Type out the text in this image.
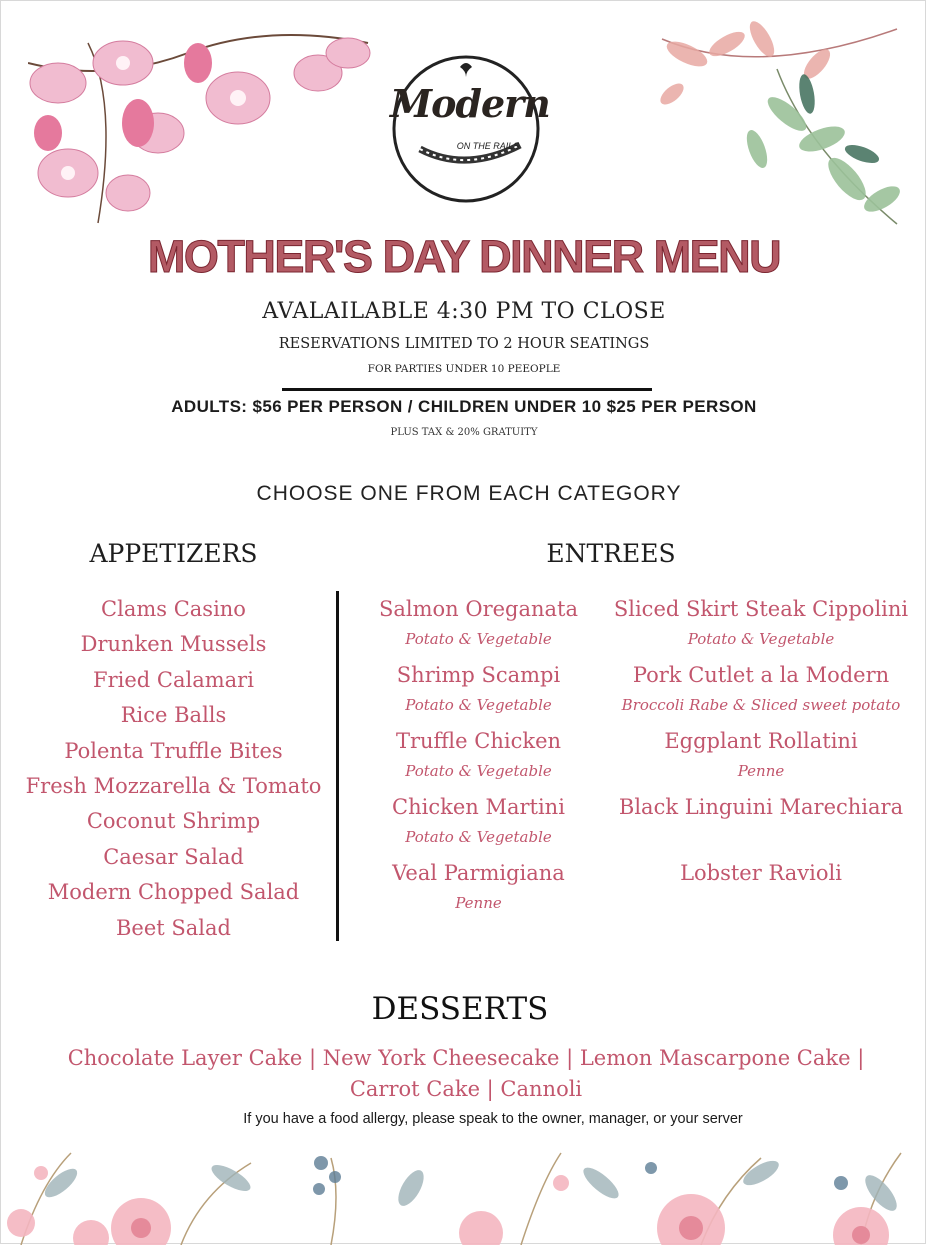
Modern
ON THE RAILS
MOTHER'S DAY DINNER MENU
AVALAILABLE 4:30 PM TO CLOSE
RESERVATIONS LIMITED TO 2 HOUR SEATINGS
FOR PARTIES UNDER 10 PEEOPLE
ADULTS: $56 PER PERSON / CHILDREN UNDER 10 $25 PER PERSON
PLUS TAX & 20% GRATUITY
CHOOSE ONE FROM EACH CATEGORY
APPETIZERS	ENTREES
Clams Casino
Drunken Mussels
Fried Calamari
Rice Balls
Polenta Truffle Bites
Fresh Mozzarella & Tomato
Coconut Shrimp
Caesar Salad
Modern Chopped Salad
Beet Salad
Salmon Oreganata
Potato & Vegetable
Shrimp Scampi
Potato & Vegetable
Truffle Chicken
Potato & Vegetable
Chicken Martini
Potato & Vegetable
Veal Parmigiana
Penne
Sliced Skirt Steak Cippolini
Potato & Vegetable
Pork Cutlet a la Modern
Broccoli Rabe & Sliced sweet potato
Eggplant Rollatini
Penne
Black Linguini Marechiara
Lobster Ravioli
DESSERTS
Chocolate Layer Cake | New York Cheesecake | Lemon Mascarpone Cake |
Carrot Cake | Cannoli
If you have a food allergy, please speak to the owner, manager, or your server
